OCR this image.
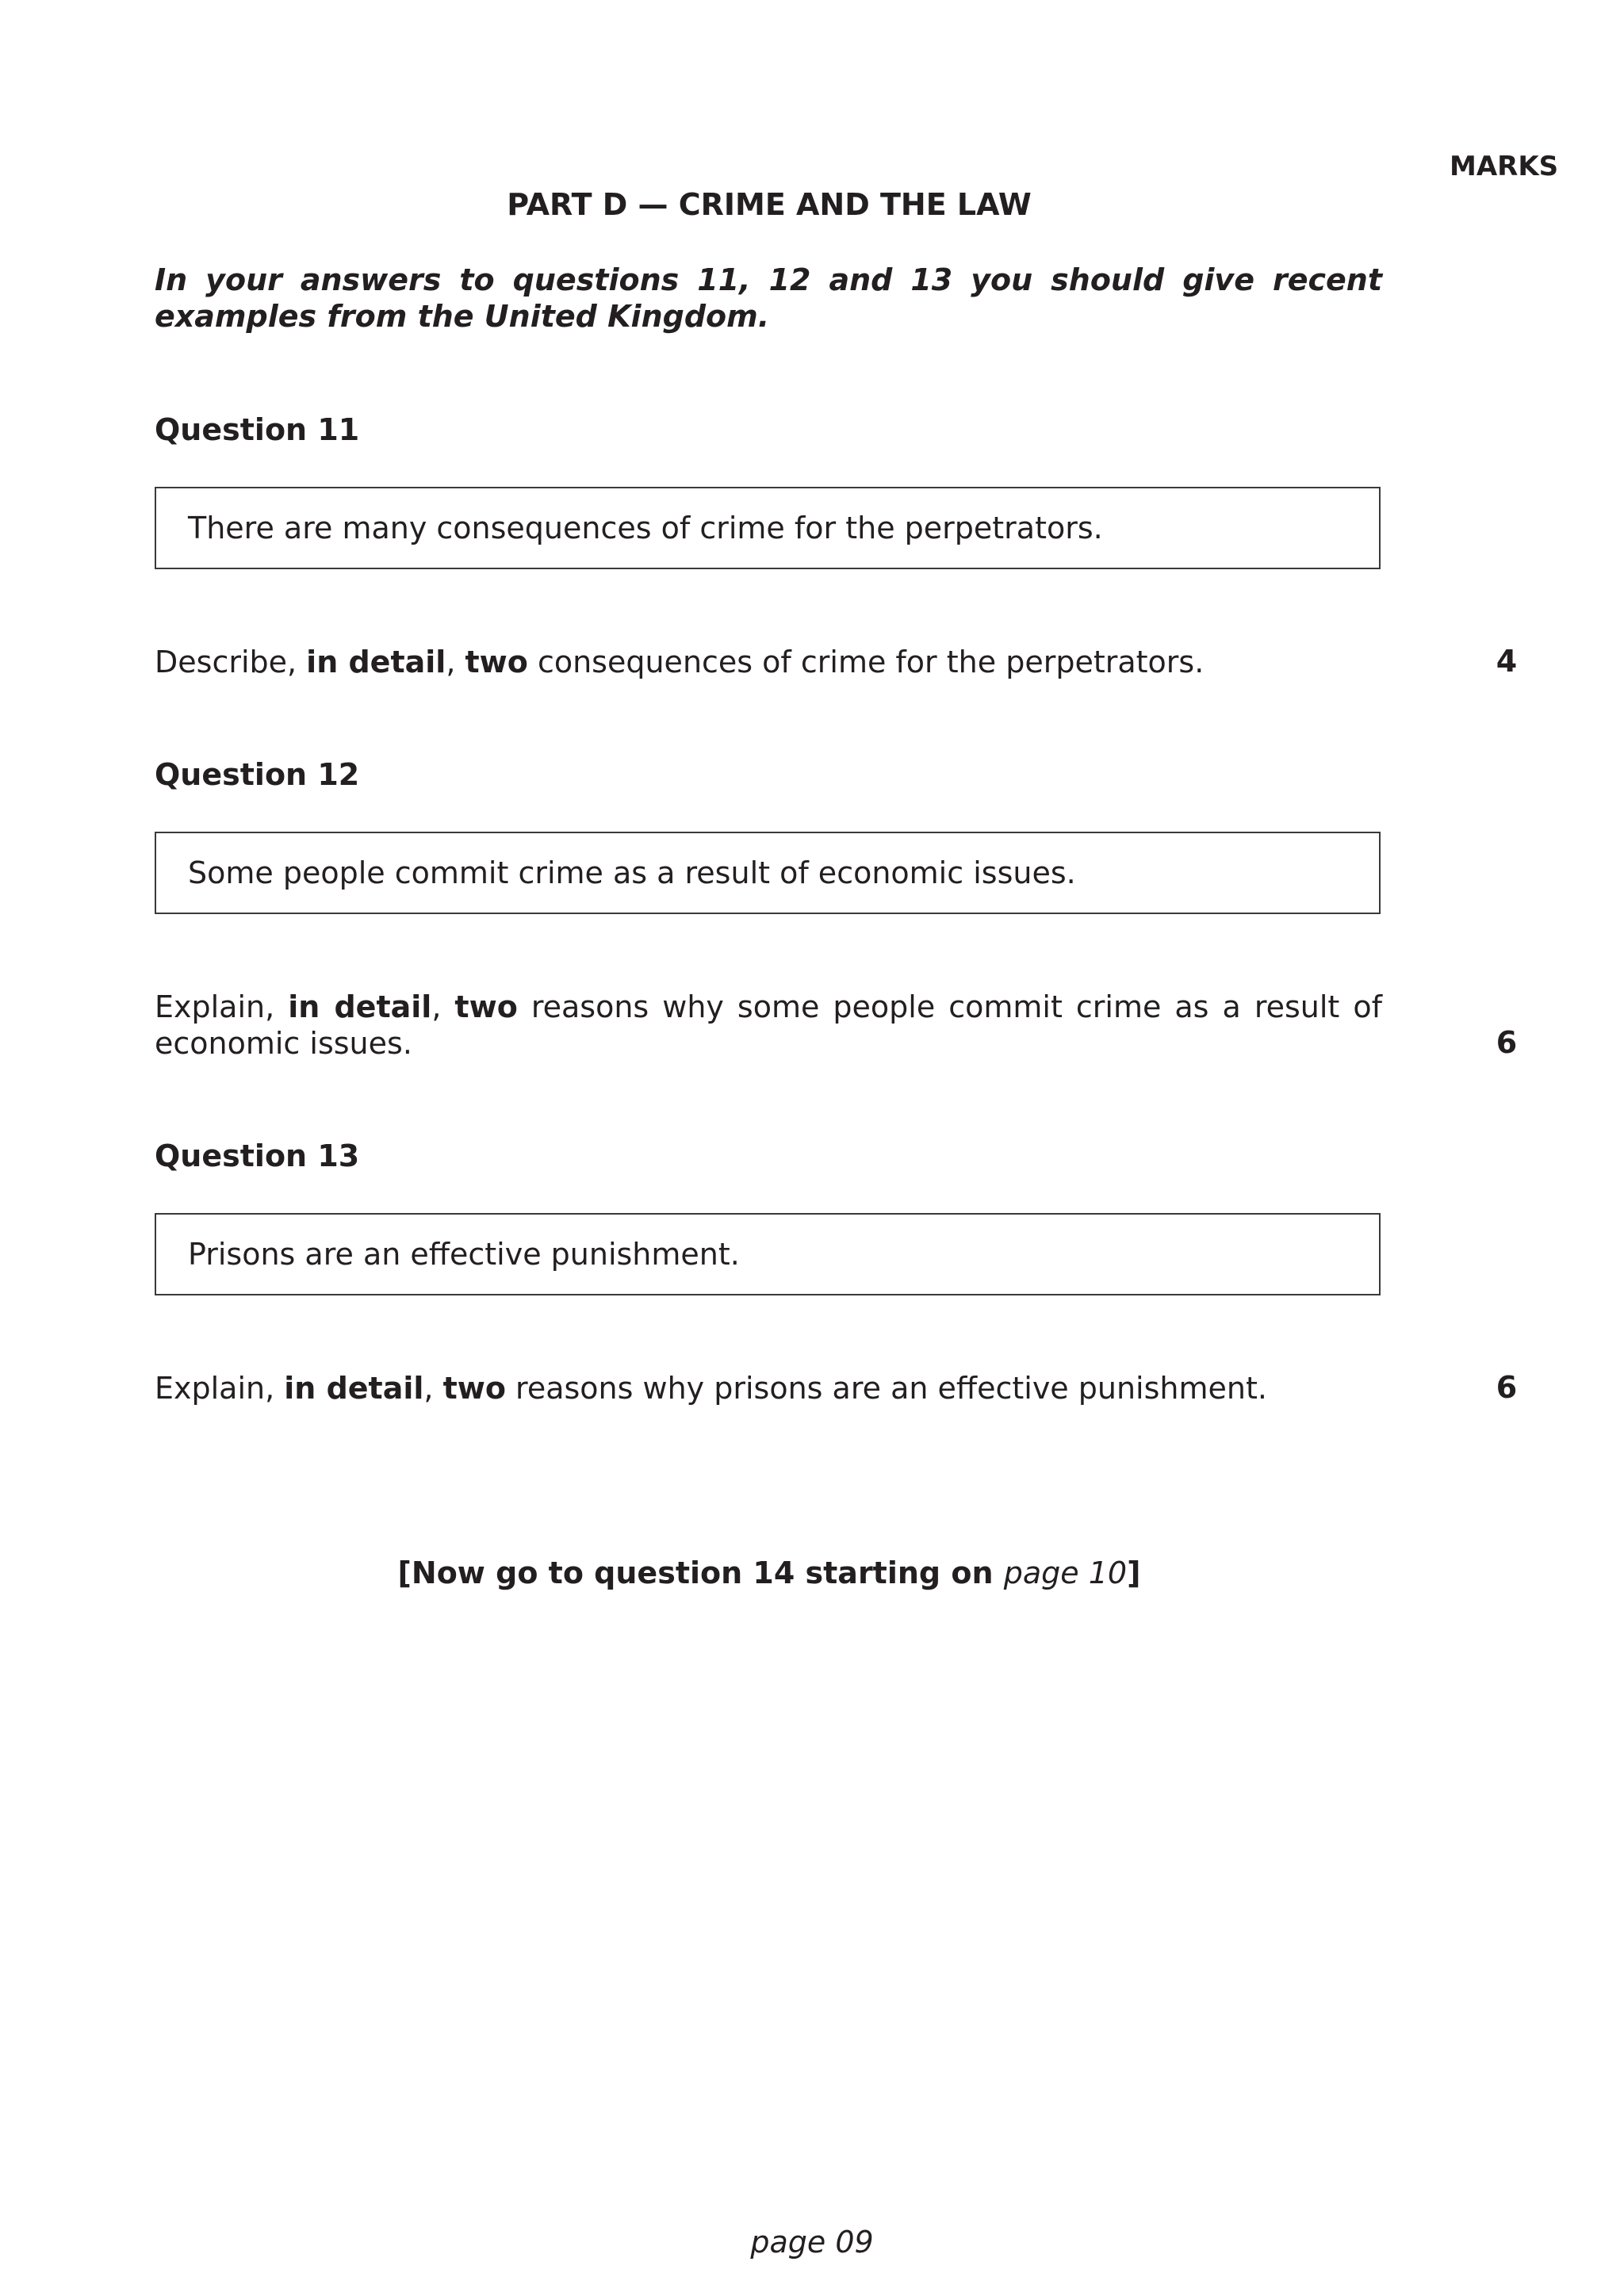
MARKS
PART D — CRIME AND THE LAW
In your answers to questions 11, 12 and 13 you should give recent examples from the United Kingdom.
Question 11
There are many consequences of crime for the perpetrators.
Describe, in detail, two consequences of crime for the perpetrators.	4
Question 12
Some people commit crime as a result of economic issues.
Explain, in detail, two reasons why some people commit crime as a result of economic issues.	6
Question 13
Prisons are an effective punishment.
Explain, in detail, two reasons why prisons are an effective punishment.	6
[Now go to question 14 starting on page 10]
page 09
